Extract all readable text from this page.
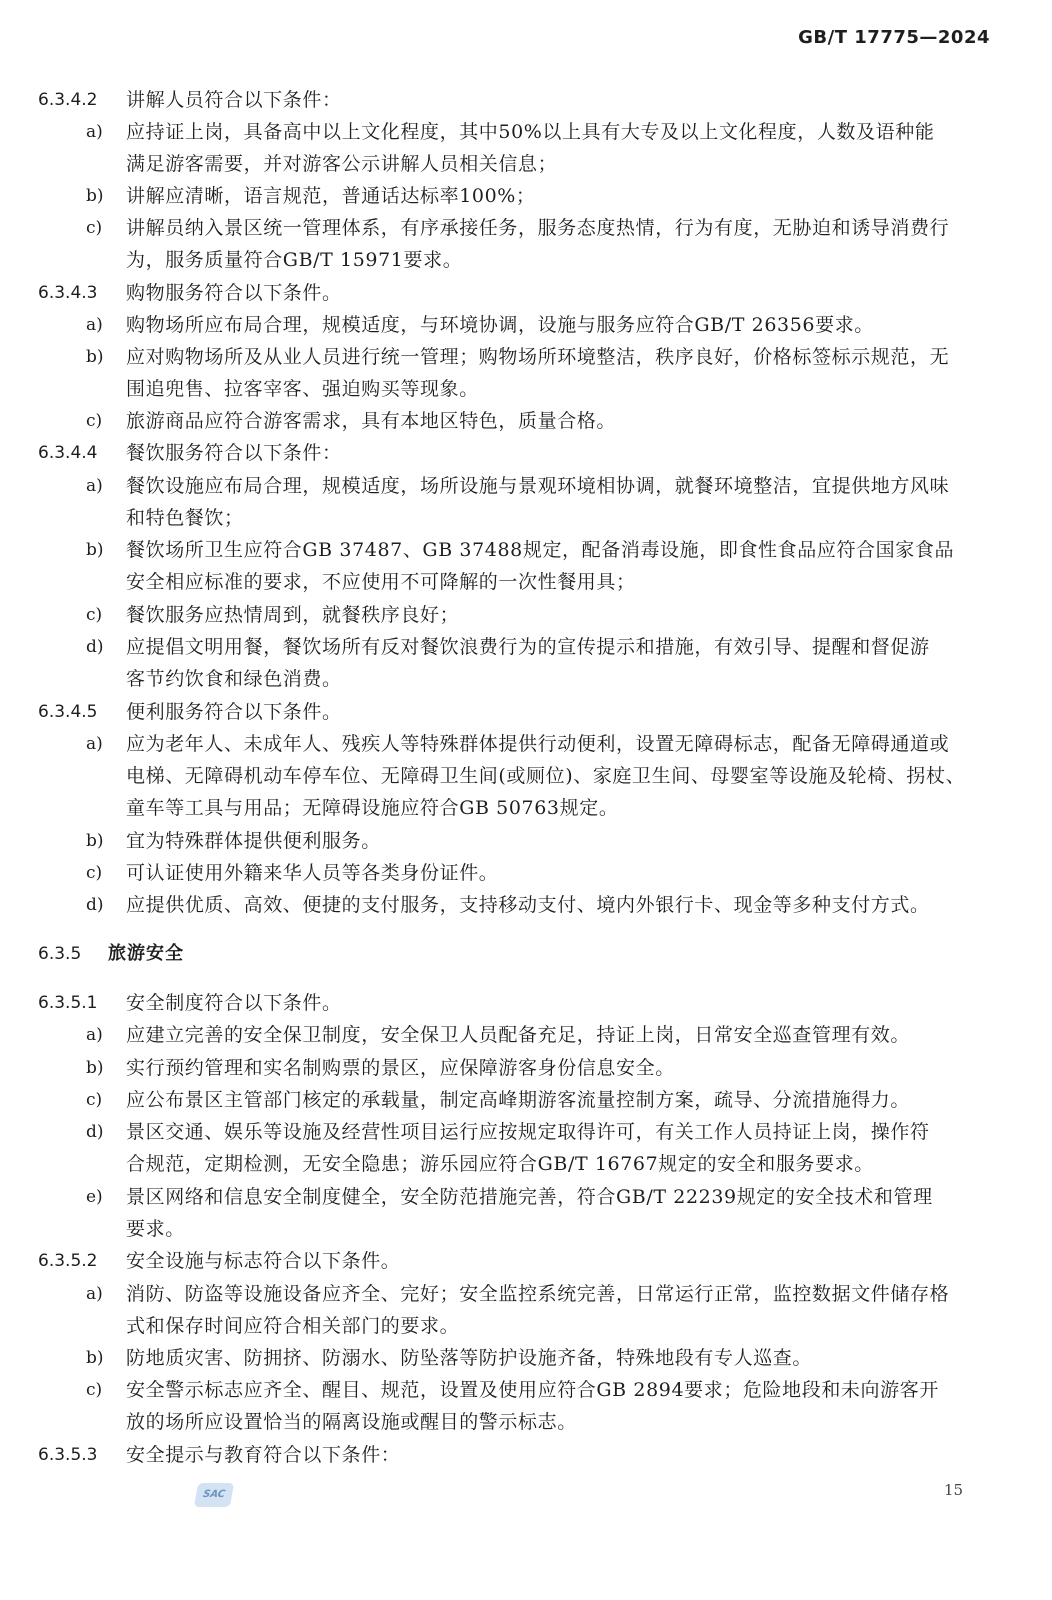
GB/T 17775—2024
6.3.4.2 讲解人员符合以下条件：
a) 应持证上岗，具备高中以上文化程度，其中50%以上具有大专及以上文化程度，人数及语种能
满足游客需要，并对游客公示讲解人员相关信息；
b) 讲解应清晰，语言规范，普通话达标率100%；
c) 讲解员纳入景区统一管理体系，有序承接任务，服务态度热情，行为有度，无胁迫和诱导消费行
为，服务质量符合GB/T 15971要求。
6.3.4.3 购物服务符合以下条件。
a) 购物场所应布局合理，规模适度，与环境协调，设施与服务应符合GB/T 26356要求。
b) 应对购物场所及从业人员进行统一管理；购物场所环境整洁，秩序良好，价格标签标示规范，无
围追兜售、拉客宰客、强迫购买等现象。
c) 旅游商品应符合游客需求，具有本地区特色，质量合格。
6.3.4.4 餐饮服务符合以下条件：
a) 餐饮设施应布局合理，规模适度，场所设施与景观环境相协调，就餐环境整洁，宜提供地方风味
和特色餐饮；
b) 餐饮场所卫生应符合GB 37487、GB 37488规定，配备消毒设施，即食性食品应符合国家食品
安全相应标准的要求，不应使用不可降解的一次性餐用具；
c) 餐饮服务应热情周到，就餐秩序良好；
d) 应提倡文明用餐，餐饮场所有反对餐饮浪费行为的宣传提示和措施，有效引导、提醒和督促游
客节约饮食和绿色消费。
6.3.4.5 便利服务符合以下条件。
a) 应为老年人、未成年人、残疾人等特殊群体提供行动便利，设置无障碍标志，配备无障碍通道或
电梯、无障碍机动车停车位、无障碍卫生间(或厕位)、家庭卫生间、母婴室等设施及轮椅、拐杖、
童车等工具与用品；无障碍设施应符合GB 50763规定。
b) 宜为特殊群体提供便利服务。
c) 可认证使用外籍来华人员等各类身份证件。
d) 应提供优质、高效、便捷的支付服务，支持移动支付、境内外银行卡、现金等多种支付方式。
6.3.5 旅游安全
6.3.5.1 安全制度符合以下条件。
a) 应建立完善的安全保卫制度，安全保卫人员配备充足，持证上岗，日常安全巡查管理有效。
b) 实行预约管理和实名制购票的景区，应保障游客身份信息安全。
c) 应公布景区主管部门核定的承载量，制定高峰期游客流量控制方案，疏导、分流措施得力。
d) 景区交通、娱乐等设施及经营性项目运行应按规定取得许可，有关工作人员持证上岗，操作符
合规范，定期检测，无安全隐患；游乐园应符合GB/T 16767规定的安全和服务要求。
e) 景区网络和信息安全制度健全，安全防范措施完善，符合GB/T 22239规定的安全技术和管理
要求。
6.3.5.2 安全设施与标志符合以下条件。
a) 消防、防盗等设施设备应齐全、完好；安全监控系统完善，日常运行正常，监控数据文件储存格
式和保存时间应符合相关部门的要求。
b) 防地质灾害、防拥挤、防溺水、防坠落等防护设施齐备，特殊地段有专人巡查。
c) 安全警示标志应齐全、醒目、规范，设置及使用应符合GB 2894要求；危险地段和未向游客开
放的场所应设置恰当的隔离设施或醒目的警示标志。
6.3.5.3 安全提示与教育符合以下条件：
SAC	15
